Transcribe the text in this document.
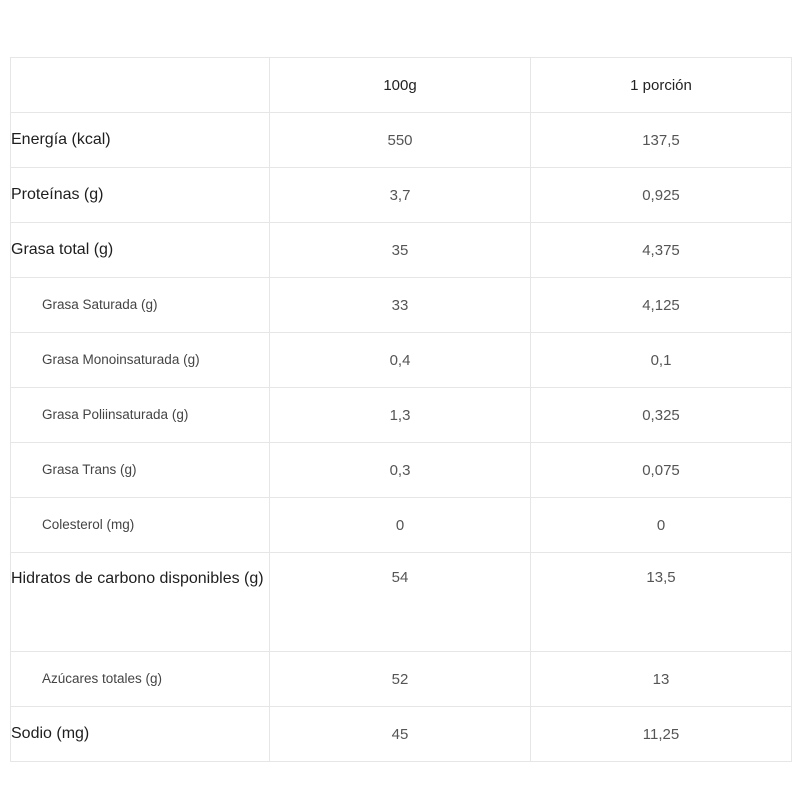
	100g	1 porción
Energía (kcal)	550	137,5
Proteínas (g)	3,7	0,925
Grasa total (g)	35	4,375
Grasa Saturada (g)	33	4,125
Grasa Monoinsaturada (g)	0,4	0,1
Grasa Poliinsaturada (g)	1,3	0,325
Grasa Trans (g)	0,3	0,075
Colesterol (mg)	0	0
Hidratos de carbono disponibles (g)	54	13,5
Azúcares totales (g)	52	13
Sodio (mg)	45	11,25
